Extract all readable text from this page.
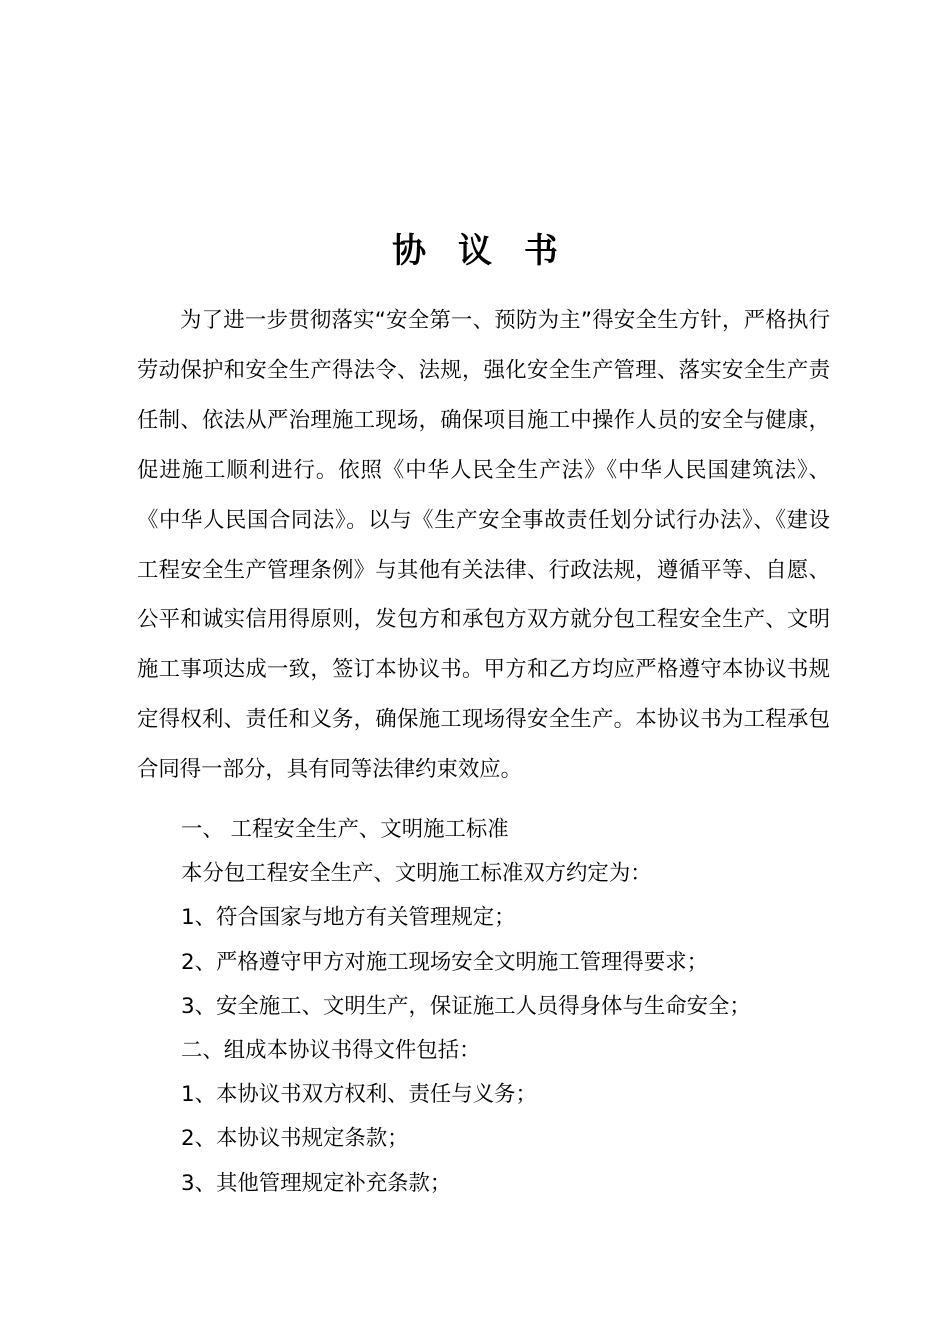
协 议 书

为了进一步贯彻落实“安全第一、预防为主”得安全生方针，严格执行劳动保护和安全生产得法令、法规，强化安全生产管理、落实安全生产责任制、依法从严治理施工现场，确保项目施工中操作人员的安全与健康，促进施工顺利进行。依照《中华人民全生产法》《中华人民国建筑法》、《中华人民国合同法》。以与《生产安全事故责任划分试行办法》、《建设工程安全生产管理条例》与其他有关法律、行政法规，遵循平等、自愿、公平和诚实信用得原则，发包方和承包方双方就分包工程安全生产、文明施工事项达成一致，签订本协议书。甲方和乙方均应严格遵守本协议书规定得权利、责任和义务，确保施工现场得安全生产。本协议书为工程承包合同得一部分，具有同等法律约束效应。

一、 工程安全生产、文明施工标准
本分包工程安全生产、文明施工标准双方约定为：
1、符合国家与地方有关管理规定；
2、严格遵守甲方对施工现场安全文明施工管理得要求；
3、安全施工、文明生产，保证施工人员得身体与生命安全；
二、组成本协议书得文件包括：
1、本协议书双方权利、责任与义务；
2、本协议书规定条款；
3、其他管理规定补充条款；
